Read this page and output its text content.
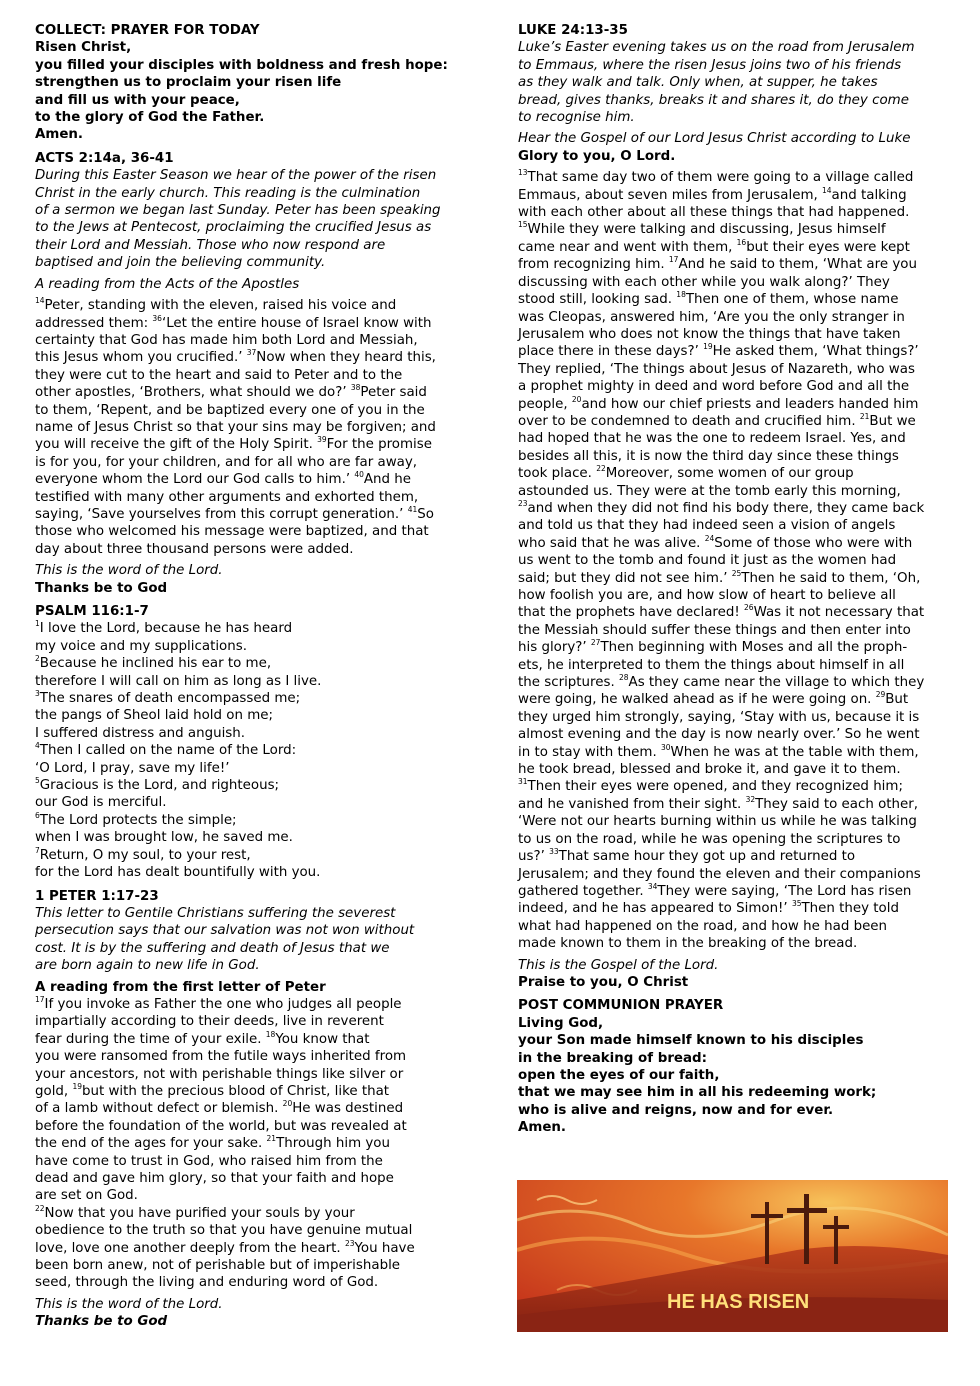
COLLECT: PRAYER FOR TODAY

Risen Christ,
you filled your disciples with boldness and fresh hope:
strengthen us to proclaim your risen life
and fill us with your peace,
to the glory of God the Father.
Amen.

ACTS 2:14a, 36-41

During this Easter Season we hear of the power of the risen
Christ in the early church. This reading is the culmination
of a sermon we began last Sunday. Peter has been speaking
to the Jews at Pentecost, proclaiming the crucified Jesus as
their Lord and Messiah. Those who now respond are
baptised and join the believing community.

A reading from the Acts of the Apostles

$^{14}$Peter, standing with the eleven, raised his voice and
addressed them: $^{36}$‘Let the entire house of Israel know with
certainty that God has made him both Lord and Messiah,
this Jesus whom you crucified.’ $^{37}$Now when they heard this,
they were cut to the heart and said to Peter and to the
other apostles, ‘Brothers, what should we do?’ $^{38}$Peter said
to them, ‘Repent, and be baptized every one of you in the
name of Jesus Christ so that your sins may be forgiven; and
you will receive the gift of the Holy Spirit. $^{39}$For the promise
is for you, for your children, and for all who are far away,
everyone whom the Lord our God calls to him.’ $^{40}$And he
testified with many other arguments and exhorted them,
saying, ‘Save yourselves from this corrupt generation.’ $^{41}$So
those who welcomed his message were baptized, and that
day about three thousand persons were added.

This is the word of the Lord.

Thanks be to God

PSALM 116:1-7

$^1$I love the Lord, because he has heard
my voice and my supplications.
$^2$Because he inclined his ear to me,
therefore I will call on him as long as I live.
$^3$The snares of death encompassed me;
the pangs of Sheol laid hold on me;
I suffered distress and anguish.
$^4$Then I called on the name of the Lord:
‘O Lord, I pray, save my life!’
$^5$Gracious is the Lord, and righteous;
our God is merciful.
$^6$The Lord protects the simple;
when I was brought low, he saved me.
$^7$Return, O my soul, to your rest,
for the Lord has dealt bountifully with you.

1 PETER 1:17-23

This letter to Gentile Christians suffering the severest
persecution says that our salvation was not won without
cost. It is by the suffering and death of Jesus that we
are born again to new life in God.

A reading from the first letter of Peter

$^{17}$If you invoke as Father the one who judges all people
impartially according to their deeds, live in reverent
fear during the time of your exile. $^{18}$You know that
you were ransomed from the futile ways inherited from
your ancestors, not with perishable things like silver or
gold, $^{19}$but with the precious blood of Christ, like that
of a lamb without defect or blemish. $^{20}$He was destined
before the foundation of the world, but was revealed at
the end of the ages for your sake. $^{21}$Through him you
have come to trust in God, who raised him from the
dead and gave him glory, so that your faith and hope
are set on God.
$^{22}$Now that you have purified your souls by your
obedience to the truth so that you have genuine mutual
love, love one another deeply from the heart. $^{23}$You have
been born anew, not of perishable but of imperishable
seed, through the living and enduring word of God.

This is the word of the Lord.

Thanks be to God

LUKE 24:13-35

Luke’s Easter evening takes us on the road from Jerusalem
to Emmaus, where the risen Jesus joins two of his friends
as they walk and talk. Only when, at supper, he takes
bread, gives thanks, breaks it and shares it, do they come
to recognise him.

Hear the Gospel of our Lord Jesus Christ according to Luke

Glory to you, O Lord.

$^{13}$That same day two of them were going to a village called
Emmaus, about seven miles from Jerusalem, $^{14}$and talking
with each other about all these things that had happened.
$^{15}$While they were talking and discussing, Jesus himself
came near and went with them, $^{16}$but their eyes were kept
from recognizing him. $^{17}$And he said to them, ‘What are you
discussing with each other while you walk along?’ They
stood still, looking sad. $^{18}$Then one of them, whose name
was Cleopas, answered him, ‘Are you the only stranger in
Jerusalem who does not know the things that have taken
place there in these days?’ $^{19}$He asked them, ‘What things?’
They replied, ‘The things about Jesus of Nazareth, who was
a prophet mighty in deed and word before God and all the
people, $^{20}$and how our chief priests and leaders handed him
over to be condemned to death and crucified him. $^{21}$But we
had hoped that he was the one to redeem Israel. Yes, and
besides all this, it is now the third day since these things
took place. $^{22}$Moreover, some women of our group
astounded us. They were at the tomb early this morning,
$^{23}$and when they did not find his body there, they came back
and told us that they had indeed seen a vision of angels
who said that he was alive. $^{24}$Some of those who were with
us went to the tomb and found it just as the women had
said; but they did not see him.’ $^{25}$Then he said to them, ‘Oh,
how foolish you are, and how slow of heart to believe all
that the prophets have declared! $^{26}$Was it not necessary that
the Messiah should suffer these things and then enter into
his glory?’ $^{27}$Then beginning with Moses and all the proph-
ets, he interpreted to them the things about himself in all
the scriptures. $^{28}$As they came near the village to which they
were going, he walked ahead as if he were going on. $^{29}$But
they urged him strongly, saying, ‘Stay with us, because it is
almost evening and the day is now nearly over.’ So he went
in to stay with them. $^{30}$When he was at the table with them,
he took bread, blessed and broke it, and gave it to them.
$^{31}$Then their eyes were opened, and they recognized him;
and he vanished from their sight. $^{32}$They said to each other,
‘Were not our hearts burning within us while he was talking
to us on the road, while he was opening the scriptures to
us?’ $^{33}$That same hour they got up and returned to
Jerusalem; and they found the eleven and their companions
gathered together. $^{34}$They were saying, ‘The Lord has risen
indeed, and he has appeared to Simon!’ $^{35}$Then they told
what had happened on the road, and how he had been
made known to them in the breaking of the bread.

This is the Gospel of the Lord.

Praise to you, O Christ

POST COMMUNION PRAYER

Living God,
your Son made himself known to his disciples
in the breaking of bread:
open the eyes of our faith,
that we may see him in all his redeeming work;
who is alive and reigns, now and for ever.
Amen.

HE HAS RISEN
